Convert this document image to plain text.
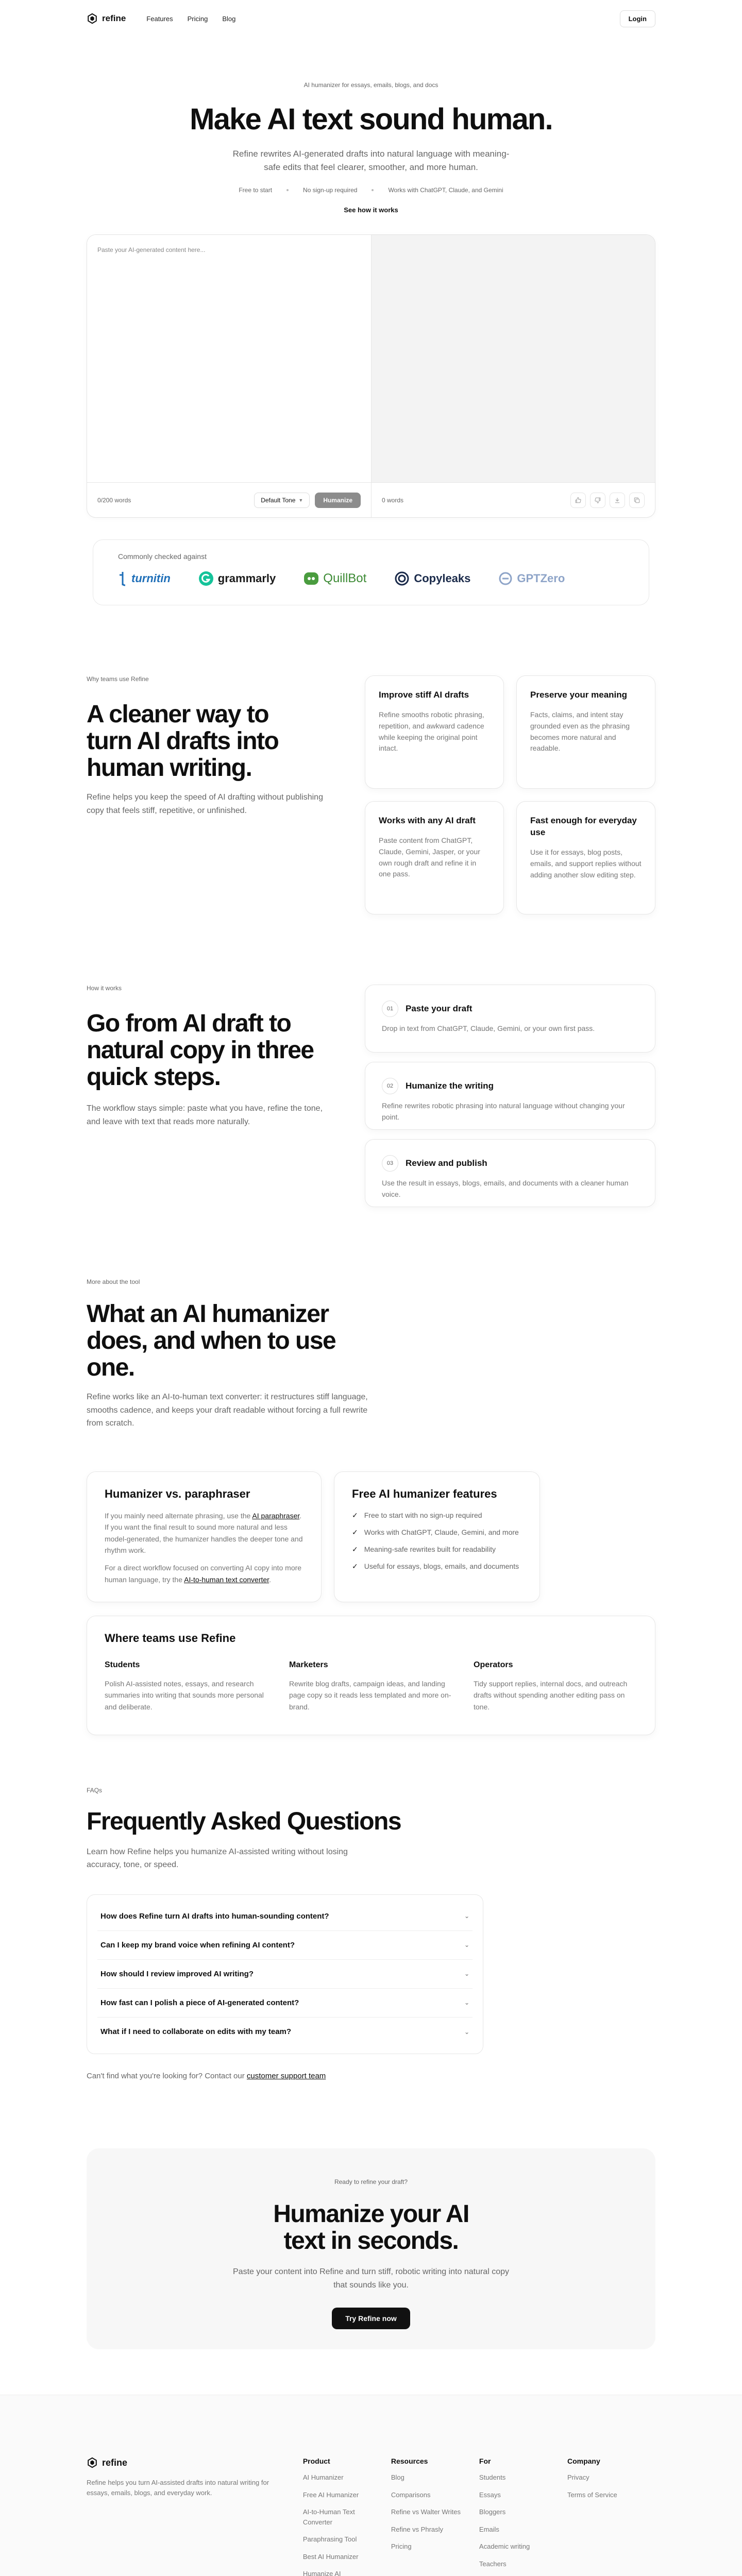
refine	Features Pricing Blog	Login
AI humanizer for essays, emails, blogs, and docs
Make AI text sound human.

Refine rewrites AI-generated drafts into natural language with meaning-safe edits that feel clearer, smoother, and more human.

Free to start	No sign-up required	Works with ChatGPT, Claude, and Gemini
See how it works
Paste your AI-generated content here...
0/200 words	Default Tone ▼	Humanize	0 words
Commonly checked against
turnitin	grammarly	QuillBot	Copyleaks	GPTZero
Why teams use Refine
A cleaner way to turn AI drafts into human writing.

Refine helps you keep the speed of AI drafting without publishing copy that feels stiff, repetitive, or unfinished.

Improve stiff AI drafts

Refine smooths robotic phrasing, repetition, and awkward cadence while keeping the original point intact.

Preserve your meaning

Facts, claims, and intent stay grounded even as the phrasing becomes more natural and readable.

Works with any AI draft

Paste content from ChatGPT, Claude, Gemini, Jasper, or your own rough draft and refine it in one pass.

Fast enough for everyday use

Use it for essays, blog posts, emails, and support replies without adding another slow editing step.

How it works
Go from AI draft to natural copy in three quick steps.

The workflow stays simple: paste what you have, refine the tone, and leave with text that reads more naturally.

01	Paste your draft

Drop in text from ChatGPT, Claude, Gemini, or your own first pass.

02	Humanize the writing

Refine rewrites robotic phrasing into natural language without changing your point.

03	Review and publish

Use the result in essays, blogs, emails, and documents with a cleaner human voice.

More about the tool
What an AI humanizer does, and when to use one.

Refine works like an AI-to-human text converter: it restructures stiff language, smooths cadence, and keeps your draft readable without forcing a full rewrite from scratch.

Humanizer vs. paraphraser

If you mainly need alternate phrasing, use the AI paraphraser. If you want the final result to sound more natural and less model-generated, the humanizer handles the deeper tone and rhythm work.

For a direct workflow focused on converting AI copy into more human language, try the AI-to-human text converter.

Free AI humanizer features
✓ Free to start with no sign-up required
✓ Works with ChatGPT, Claude, Gemini, and more
✓ Meaning-safe rewrites built for readability
✓ Useful for essays, blogs, emails, and documents
Where teams use Refine
Students

Polish AI-assisted notes, essays, and research summaries into writing that sounds more personal and deliberate.

Marketers

Rewrite blog drafts, campaign ideas, and landing page copy so it reads less templated and more on-brand.

Operators

Tidy support replies, internal docs, and outreach drafts without spending another editing pass on tone.

FAQs
Frequently Asked Questions

Learn how Refine helps you humanize AI-assisted writing without losing accuracy, tone, or speed.

How does Refine turn AI drafts into human-sounding content?	⌄
Can I keep my brand voice when refining AI content?	⌄
How should I review improved AI writing?	⌄
How fast can I polish a piece of AI-generated content?	⌄
What if I need to collaborate on edits with my team?	⌄

Can't find what you're looking for? Contact our customer support team

Ready to refine your draft?
Humanize your AI
text in seconds.

Paste your content into Refine and turn stiff, robotic writing into natural copy that sounds like you.

Try Refine now
refine

Refine helps you turn AI-assisted drafts into natural writing for essays, emails, blogs, and everyday work.

Product
AI Humanizer
Free AI Humanizer
AI-to-Human Text Converter
Paraphrasing Tool
Best AI Humanizer
Humanize AI
Resources
Blog
Comparisons
Refine vs Walter Writes
Refine vs Phrasly
Pricing
For
Students
Essays
Bloggers
Emails
Academic writing
Teachers
Company
Privacy
Terms of Service
